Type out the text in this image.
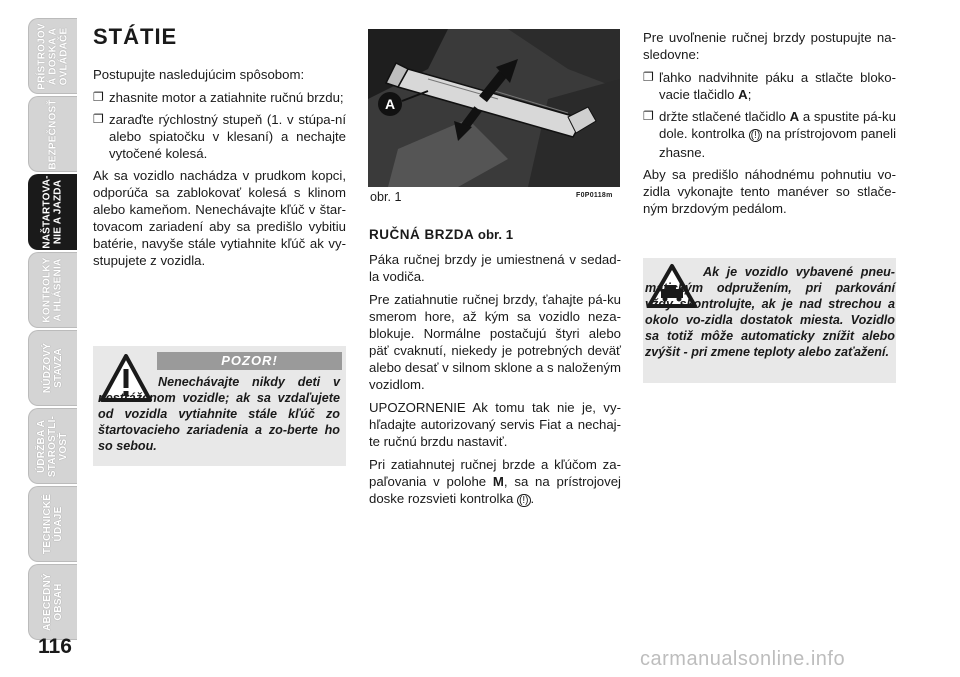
PRÍSTROJOV Á DOSKA A OVLÁDAČE
BEZPEČNOSŤ
NAŠTARTOVA- NIE A JAZDA
KONTROLKY A HLÁSENIA
NÚDZOVÝ STAVZA
ÚDRŽBA A STAROSTLI- VOSŤ
TECHNICKÉ ÚDAJE
ABECEDNÝ OBSAH
116
STÁTIE

Postupujte nasledujúcim spôsobom:

❐ zhasnite motor a zatiahnite ručnú brzdu;
❐ zaraďte rýchlostný stupeň (1. v stúpa-ní alebo spiatočku v klesaní) a nechajte vytočené kolesá.

Ak sa vozidlo nachádza v prudkom kopci, odporúča sa zablokovať kolesá s klinom alebo kameňom. Nenechávajte kľúč v štar-tovacom zariadení aby sa predišlo vybitiu batérie, navyše stále vytiahnite kľúč ak vy-stupujete z vozidla.

POZOR!
Nenechávajte nikdy deti v nestráženom vozidle; ak sa vzdaľujete od vozidla vytiahnite stále kľúč zo štartovacieho zariadenia a zo-berte ho so sebou.
A
obr. 1	F0P0118m

RUČNÁ BRZDA obr. 1

Páka ručnej brzdy je umiestnená v sedad-la vodiča.

Pre zatiahnutie ručnej brzdy, ťahajte pá-ku smerom hore, až kým sa vozidlo neza-blokuje. Normálne postačujú štyri alebo päť cvaknutí, niekedy je potrebných deväť alebo desať v silnom sklone a s naloženým vozidlom.

UPOZORNENIE Ak tomu tak nie je, vy-hľadajte autorizovaný servis Fiat a nechaj-te ručnú brzdu nastaviť.

Pri zatiahnutej ručnej brzde a kľúčom za-paľovania v polohe M, sa na prístrojovej doske rozsvieti kontrolka (!) .

Pre uvoľnenie ručnej brzdy postupujte na-sledovne:

❐ ľahko nadvihnite páku a stlačte bloko-vacie tlačidlo A;
❐ držte stlačené tlačidlo A a spustite pá-ku dole. kontrolka (!) na prístrojovom paneli zhasne.

Aby sa predišlo náhodnému pohnutiu vo-zidla vykonajte tento manéver so stlače-ným brzdovým pedálom.

Ak je vozidlo vybavené pneu-matickým odpružením, pri parkování vždy skontrolujte, ak je nad strechou a okolo vo-zidla dostatok miesta. Vozidlo sa totiž môže automaticky znížit alebo zvýšit - pri zmene teploty alebo zaťažení.
carmanualsonline.info
